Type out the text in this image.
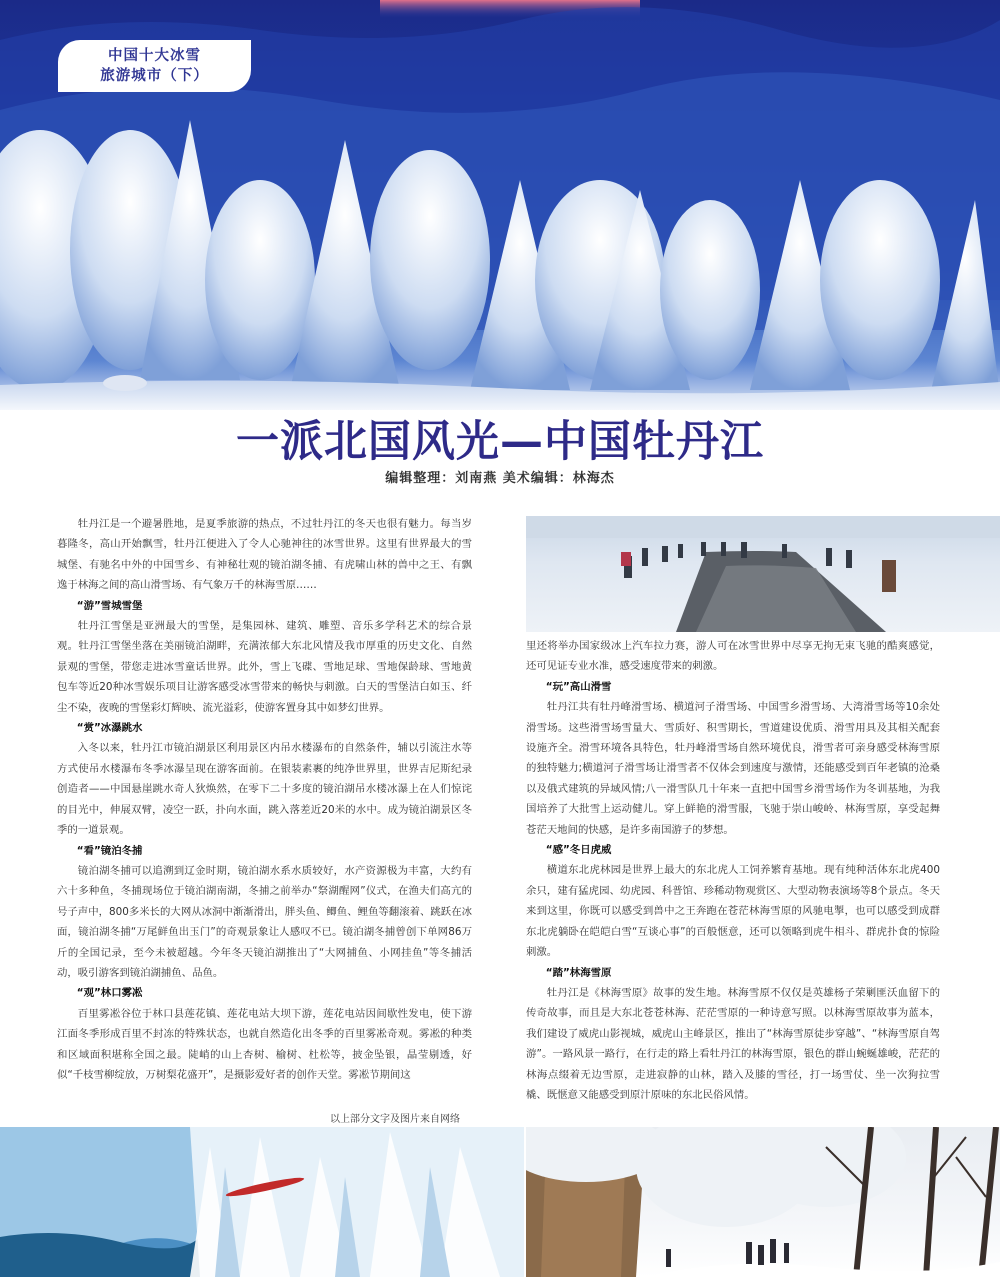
中国十大冰雪
旅游城市（下）
一派北国风光—中国牡丹江
编辑整理：刘南燕 美术编辑：林海杰

牡丹江是一个避暑胜地，是夏季旅游的热点，不过牡丹江的冬天也很有魅力。每当岁暮隆冬，高山开始飘雪，牡丹江便进入了令人心驰神往的冰雪世界。这里有世界最大的雪城堡、有驰名中外的中国雪乡、有神秘壮观的镜泊湖冬捕、有虎啸山林的兽中之王、有飘逸于林海之间的高山滑雪场、有气象万千的林海雪原……

“游”雪城雪堡

牡丹江雪堡是亚洲最大的雪堡，是集园林、建筑、雕塑、音乐多学科艺术的综合景观。牡丹江雪堡坐落在美丽镜泊湖畔，充满浓郁大东北风情及我市厚重的历史文化、自然景观的雪堡，带您走进冰雪童话世界。此外，雪上飞碟、雪地足球、雪地保龄球、雪地黄包车等近20种冰雪娱乐项目让游客感受冰雪带来的畅快与刺激。白天的雪堡洁白如玉、纤尘不染，夜晚的雪堡彩灯辉映、流光溢彩，使游客置身其中如梦幻世界。

“赏”冰瀑跳水

入冬以来，牡丹江市镜泊湖景区利用景区内吊水楼瀑布的自然条件，辅以引流注水等方式使吊水楼瀑布冬季冰瀑呈现在游客面前。在银装素裹的纯净世界里，世界吉尼斯纪录创造者——中国悬崖跳水奇人狄焕然，在零下二十多度的镜泊湖吊水楼冰瀑上在人们惊诧的目光中，伸展双臂，凌空一跃，扑向水面，跳入落差近20米的水中。成为镜泊湖景区冬季的一道景观。

“看”镜泊冬捕

镜泊湖冬捕可以追溯到辽金时期，镜泊湖水系水质较好，水产资源极为丰富，大约有六十多种鱼，冬捕现场位于镜泊湖南湖，冬捕之前举办“祭湖醒网”仪式，在渔夫们高亢的号子声中，800多米长的大网从冰洞中渐渐滑出，胖头鱼、鲫鱼、鲤鱼等翻滚着、跳跃在冰面，镜泊湖冬捕“万尾鲜鱼出玉门”的奇观景象让人感叹不已。镜泊湖冬捕曾创下单网86万斤的全国记录，至今未被超越。今年冬天镜泊湖推出了“大网捕鱼、小网挂鱼”等冬捕活动，吸引游客到镜泊湖捕鱼、品鱼。

“观”林口雾凇

百里雾凇谷位于林口县莲花镇、莲花电站大坝下游，莲花电站因间歇性发电，使下游江面冬季形成百里不封冻的特殊状态，也就自然造化出冬季的百里雾凇奇观。雾凇的种类和区域面积堪称全国之最。陡峭的山上杏树、榆树、杜松等，披金坠银，晶莹剔透，好似“千枝雪柳绽放，万树梨花盛开”，是摄影爱好者的创作天堂。雾凇节期间这

里还将举办国家级冰上汽车拉力赛，游人可在冰雪世界中尽享无拘无束飞驰的酷爽感觉，还可见证专业水准，感受速度带来的刺激。

“玩”高山滑雪

牡丹江共有牡丹峰滑雪场、横道河子滑雪场、中国雪乡滑雪场、大湾滑雪场等10余处滑雪场。这些滑雪场雪量大、雪质好、积雪期长，雪道建设优质、滑雪用具及其相关配套设施齐全。滑雪环境各具特色，牡丹峰滑雪场自然环境优良，滑雪者可亲身感受林海雪原的独特魅力;横道河子滑雪场让滑雪者不仅体会到速度与激情，还能感受到百年老镇的沧桑以及俄式建筑的异域风情;八一滑雪队几十年来一直把中国雪乡滑雪场作为冬训基地，为我国培养了大批雪上运动健儿。穿上鲜艳的滑雪服，飞驰于崇山峻岭、林海雪原，享受起舞苍茫天地间的快感，是许多南国游子的梦想。

“感”冬日虎威

横道东北虎林园是世界上最大的东北虎人工饲养繁育基地。现有纯种活体东北虎400余只，建有猛虎园、幼虎园、科普馆、珍稀动物观赏区、大型动物表演场等8个景点。冬天来到这里，你既可以感受到兽中之王奔跑在苍茫林海雪原的风驰电掣，也可以感受到成群东北虎躺卧在皑皑白雪“互谈心事”的百般惬意，还可以领略到虎牛相斗、群虎扑食的惊险刺激。

“踏”林海雪原

牡丹江是《林海雪原》故事的发生地。林海雪原不仅仅是英雄杨子荣剿匪沃血留下的传奇故事，而且是大东北苍苍林海、茫茫雪原的一种诗意写照。以林海雪原故事为蓝本，我们建设了威虎山影视城，威虎山主峰景区，推出了“林海雪原徒步穿越”、“林海雪原自驾游”。一路风景一路行，在行走的路上看牡丹江的林海雪原，银色的群山蜿蜒雄峻，茫茫的林海点缀着无边雪原，走进寂静的山林，踏入及膝的雪径，打一场雪仗、坐一次狗拉雪橇、既惬意又能感受到原汁原味的东北民俗风情。

以上部分文字及图片来自网络
